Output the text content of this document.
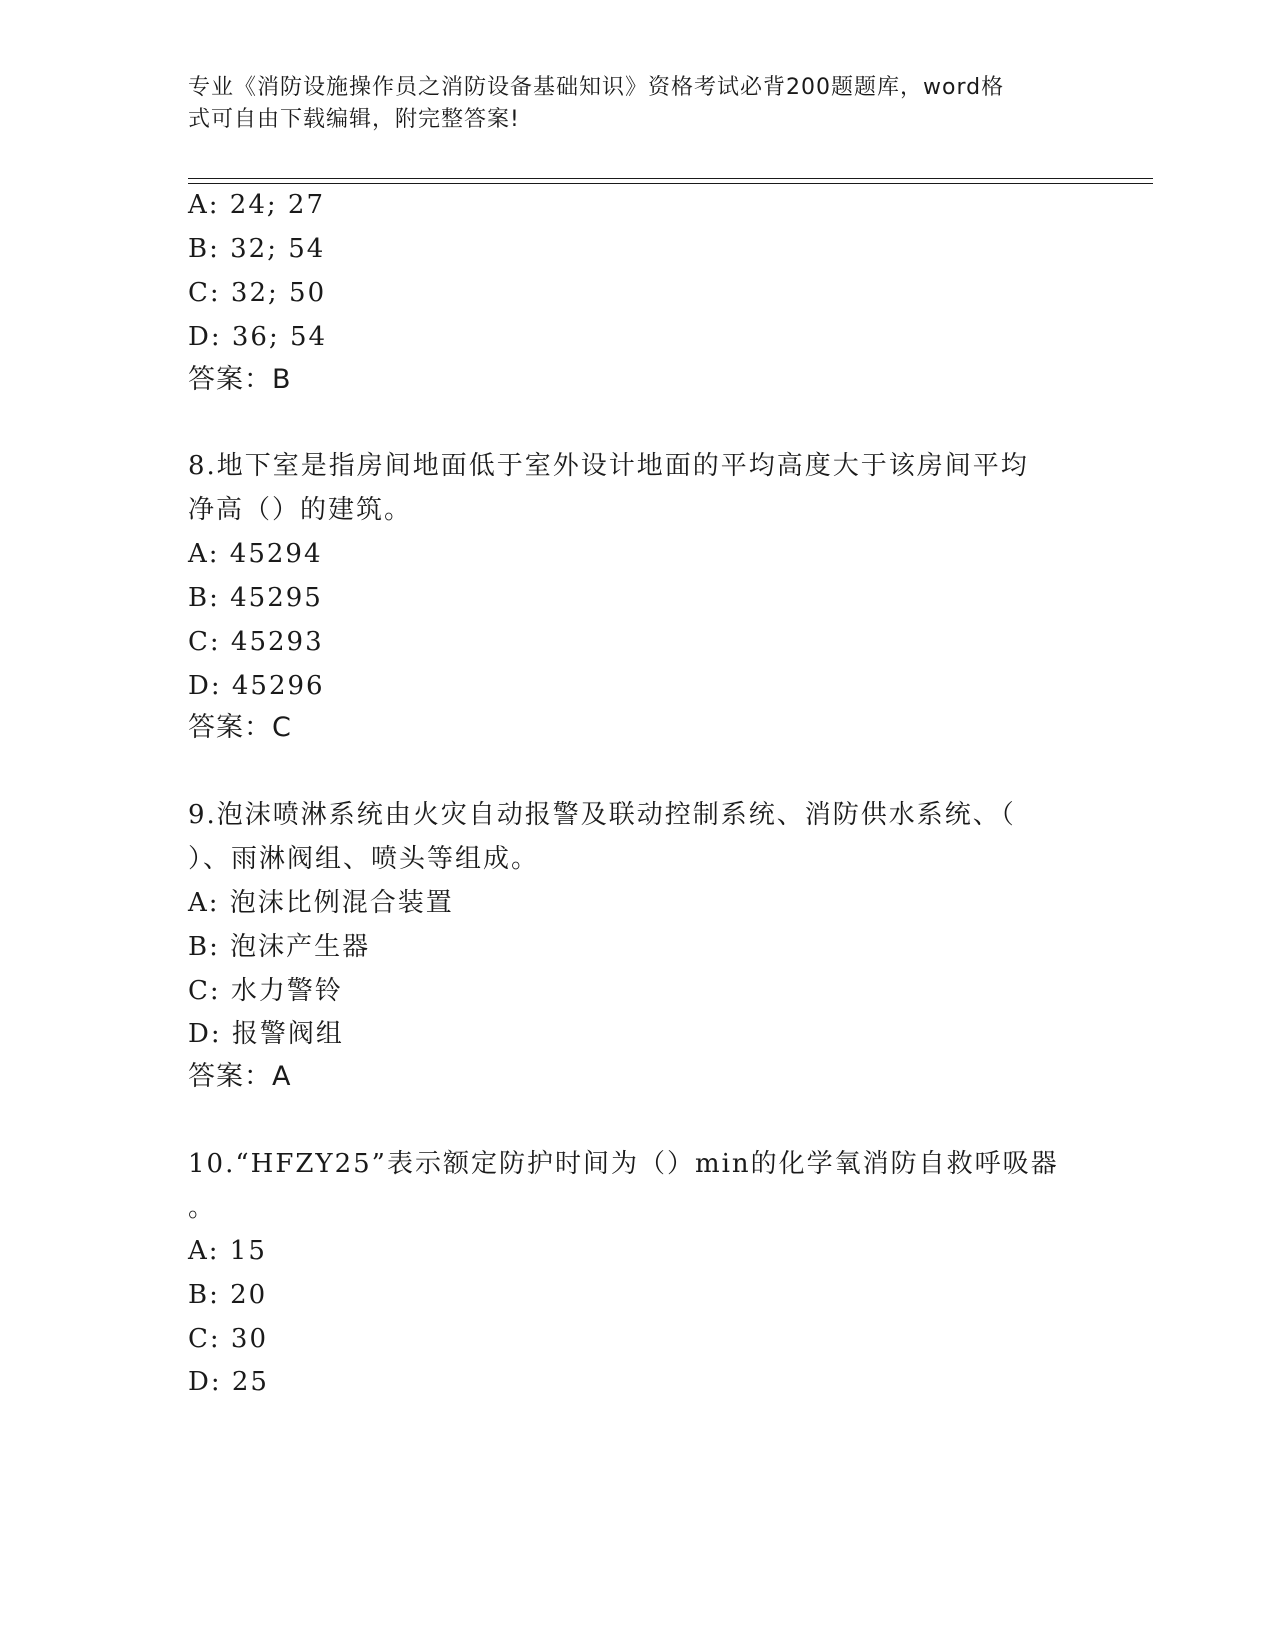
专业《消防设施操作员之消防设备基础知识》资格考试必背200题题库，word格
式可自由下载编辑，附完整答案!
A: 24; 27
B: 32; 54
C: 32; 50
D: 36; 54
答案：B
8.地下室是指房间地面低于室外设计地面的平均高度大于该房间平均
净高（）的建筑。
A: 45294
B: 45295
C: 45293
D: 45296
答案：C
9.泡沫喷淋系统由火灾自动报警及联动控制系统、消防供水系统、（
）、雨淋阀组、喷头等组成。
A: 泡沫比例混合装置
B: 泡沫产生器
C: 水力警铃
D: 报警阀组
答案：A
10.“HFZY25”表示额定防护时间为（）min的化学氧消防自救呼吸器
。
A: 15
B: 20
C: 30
D: 25
